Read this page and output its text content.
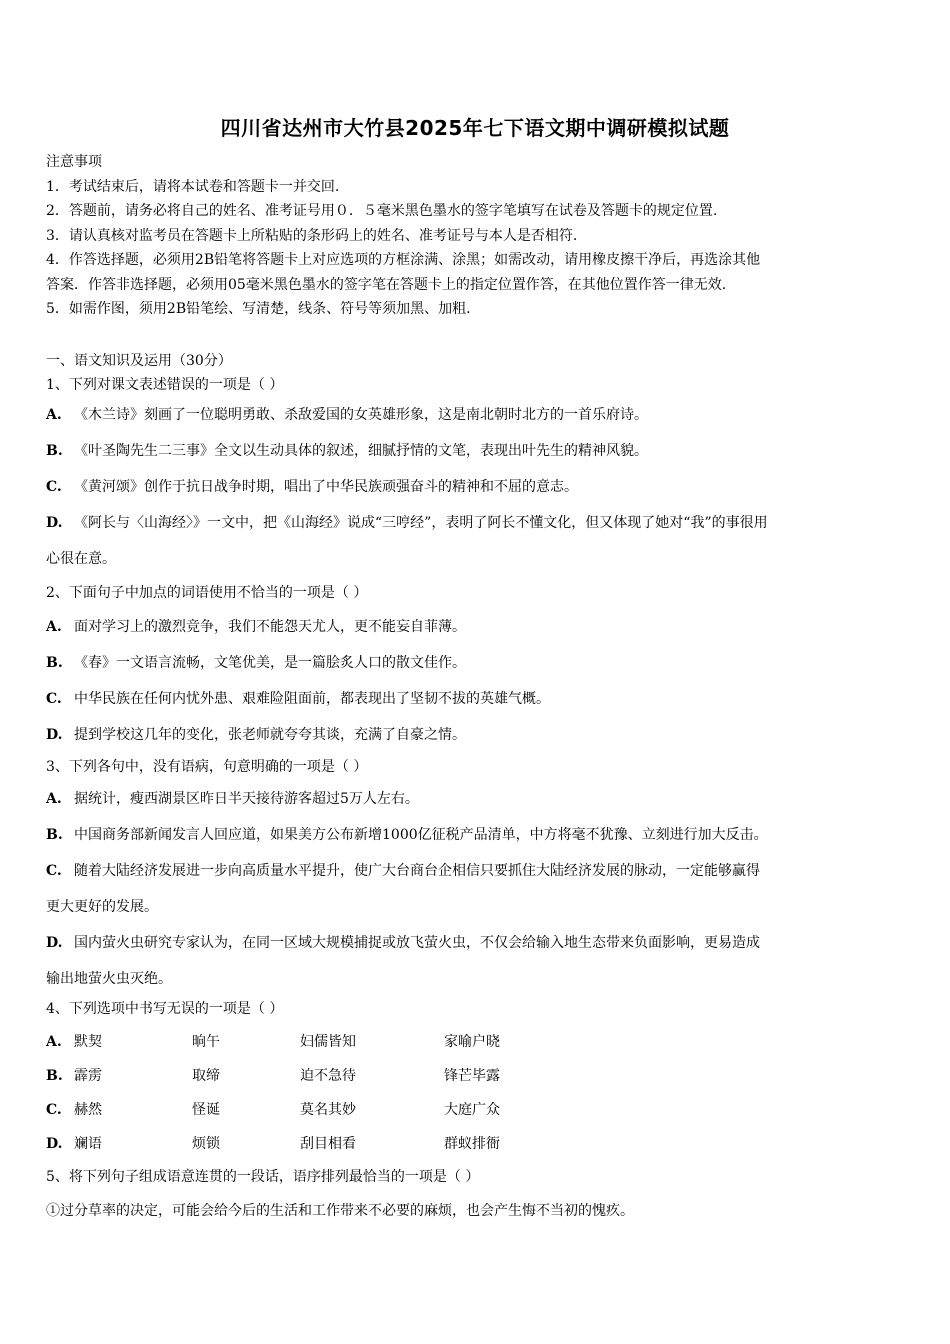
四川省达州市大竹县2025年七下语文期中调研模拟试题
注意事项
1．考试结束后，请将本试卷和答题卡一并交回.
2．答题前，请务必将自己的姓名、准考证号用０．５毫米黑色墨水的签字笔填写在试卷及答题卡的规定位置.
3．请认真核对监考员在答题卡上所粘贴的条形码上的姓名、准考证号与本人是否相符.
4．作答选择题，必须用2B铅笔将答题卡上对应选项的方框涂满、涂黑；如需改动，请用橡皮擦干净后，再选涂其他
答案．作答非选择题，必须用05毫米黑色墨水的签字笔在答题卡上的指定位置作答，在其他位置作答一律无效.
5．如需作图，须用2B铅笔绘、写清楚，线条、符号等须加黑、加粗.
一、语文知识及运用（30分）
1、下列对课文表述错误的一项是（ ）
A. 《木兰诗》刻画了一位聪明勇敢、杀敌爱国的女英雄形象，这是南北朝时北方的一首乐府诗。
B. 《叶圣陶先生二三事》全文以生动具体的叙述，细腻抒情的文笔，表现出叶先生的精神风貌。
C. 《黄河颂》创作于抗日战争时期，唱出了中华民族顽强奋斗的精神和不屈的意志。
D. 《阿长与〈山海经〉》一文中，把《山海经》说成“三哼经”，表明了阿长不懂文化，但又体现了她对“我”的事很用
心很在意。
2、下面句子中加点的词语使用不恰当的一项是（ ）
A. 面对学习上的激烈竞争，我们不能怨天尤人，更不能妄自菲薄。
B. 《春》一文语言流畅，文笔优美，是一篇脍炙人口的散文佳作。
C. 中华民族在任何内忧外患、艰难险阻面前，都表现出了坚韧不拔的英雄气概。
D. 提到学校这几年的变化，张老师就夸夸其谈，充满了自豪之情。
3、下列各句中，没有语病，句意明确的一项是（ ）
A. 据统计，瘦西湖景区昨日半天接待游客超过5万人左右。
B. 中国商务部新闻发言人回应道，如果美方公布新增1000亿征税产品清单，中方将毫不犹豫、立刻进行加大反击。
C. 随着大陆经济发展进一步向高质量水平提升，使广大台商台企相信只要抓住大陆经济发展的脉动，一定能够赢得
更大更好的发展。
D. 国内萤火虫研究专家认为，在同一区域大规模捕捉或放飞萤火虫，不仅会给输入地生态带来负面影响，更易造成
输出地萤火虫灭绝。
4、下列选项中书写无误的一项是（ ）
A. 默契	晌午	妇儒皆知	家喻户晓
B. 霹雳	取缔	迫不急待	锋芒毕露
C. 赫然	怪诞	莫名其妙	大庭广众
D. 斓语	烦锁	刮目相看	群蚁排衙
5、将下列句子组成语意连贯的一段话，语序排列最恰当的一项是（ ）
①过分草率的决定，可能会给今后的生活和工作带来不必要的麻烦，也会产生悔不当初的愧疚。
